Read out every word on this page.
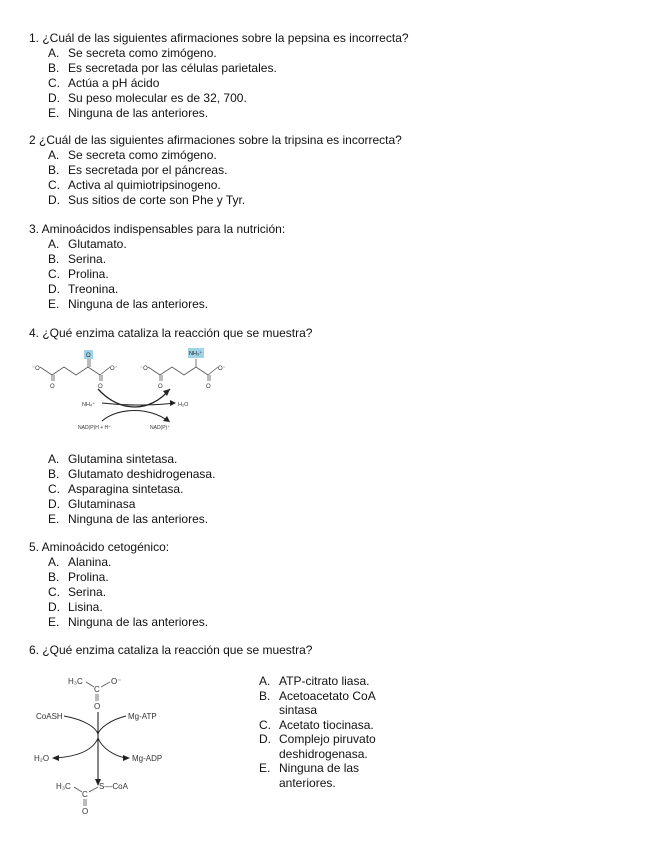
1. ¿Cuál de las siguientes afirmaciones sobre la pepsina es incorrecta?
A. Se secreta como zimógeno.
B. Es secretada por las células parietales.
C. Actúa a pH ácido
D. Su peso molecular es de 32, 700.
E. Ninguna de las anteriores.
2 ¿Cuál de las siguientes afirmaciones sobre la tripsina es incorrecta?
A. Se secreta como zimógeno.
B. Es secretada por el páncreas.
C. Activa al quimiotripsinogeno.
D. Sus sitios de corte son Phe y Tyr.
3. Aminoácidos indispensables para la nutrición:
A. Glutamato.
B. Serina.
C. Prolina.
D. Treonina.
E. Ninguna de las anteriores.
4. ¿Qué enzima cataliza la reacción que se muestra?
⁻O
O
O
O
O⁻	⁻O
O
NH₃⁺
O
O⁻
NH₄⁺	H₂O
NAD(P)H + H⁺	NAD(P)⁺
A. Glutamina sintetasa.
B. Glutamato deshidrogenasa.
C. Asparagina sintetasa.
D. Glutaminasa
E. Ninguna de las anteriores.
5. Aminoácido cetogénico:
A. Alanina.
B. Prolina.
C. Serina.
D. Lisina.
E. Ninguna de las anteriores.
6. ¿Qué enzima cataliza la reacción que se muestra?
H₃C
C
O⁻
O
CoASH	Mg-ATP
H₂O	Mg-ADP
H₃C
C
S—CoA
O
A. ATP-citrato liasa.
B. Acetoacetato CoA sintasa
C. Acetato tiocinasa.
D. Complejo piruvato deshidrogenasa.
E. Ninguna de las anteriores.
